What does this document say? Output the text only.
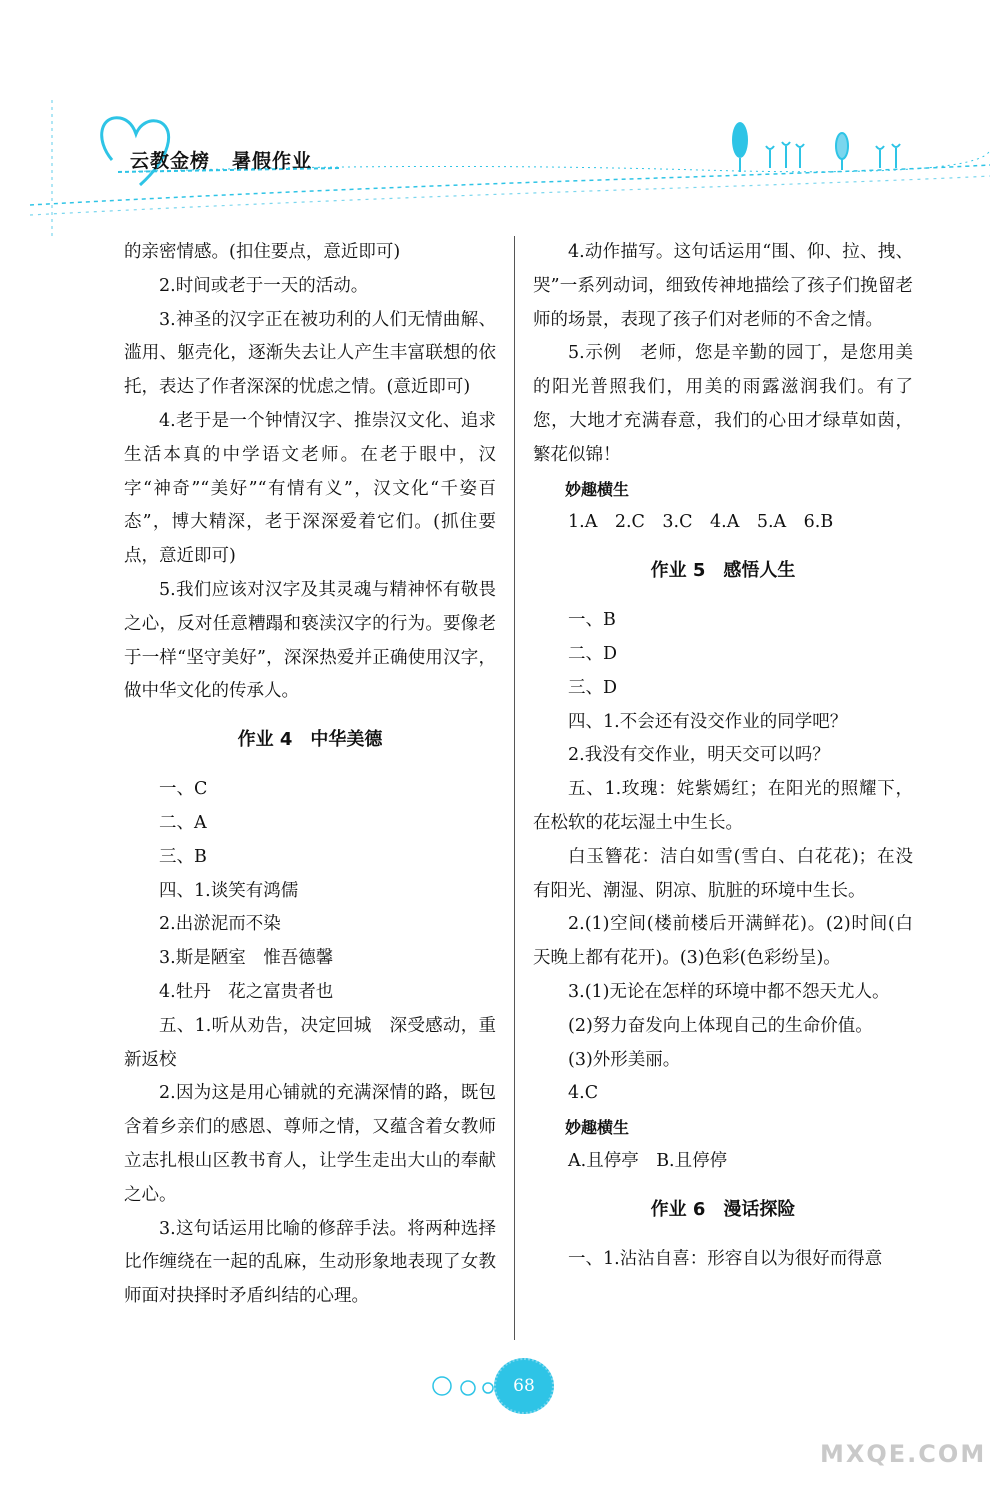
云教金榜 暑假作业

的亲密情感。(扣住要点，意近即可)

2.时间或老于一天的活动。

3.神圣的汉字正在被功利的人们无情曲解、滥用、躯壳化，逐渐失去让人产生丰富联想的依托，表达了作者深深的忧虑之情。(意近即可)

4.老于是一个钟情汉字、推崇汉文化、追求生活本真的中学语文老师。在老于眼中，汉字“神奇”“美好”“有情有义”，汉文化“千姿百态”，博大精深，老于深深爱着它们。(抓住要点，意近即可)

5.我们应该对汉字及其灵魂与精神怀有敬畏之心，反对任意糟蹋和亵渎汉字的行为。要像老于一样“坚守美好”，深深热爱并正确使用汉字，做中华文化的传承人。

作业 4 中华美德

一、C

二、A

三、B

四、1.谈笑有鸿儒

2.出淤泥而不染

3.斯是陋室　惟吾德馨

4.牡丹　花之富贵者也

五、1.听从劝告，决定回城　深受感动，重新返校

2.因为这是用心铺就的充满深情的路，既包含着乡亲们的感恩、尊师之情，又蕴含着女教师立志扎根山区教书育人，让学生走出大山的奉献之心。

3.这句话运用比喻的修辞手法。将两种选择比作缠绕在一起的乱麻，生动形象地表现了女教师面对抉择时矛盾纠结的心理。

4.动作描写。这句话运用“围、仰、拉、拽、哭”一系列动词，细致传神地描绘了孩子们挽留老师的场景，表现了孩子们对老师的不舍之情。

5.示例　老师，您是辛勤的园丁，是您用美的阳光普照我们，用美的雨露滋润我们。有了您，大地才充满春意，我们的心田才绿草如茵，繁花似锦！

妙趣横生

1.A　2.C　3.C　4.A　5.A　6.B

作业 5 感悟人生

一、B

二、D

三、D

四、1.不会还有没交作业的同学吧？

2.我没有交作业，明天交可以吗？

五、1.玫瑰：姹紫嫣红；在阳光的照耀下，在松软的花坛湿土中生长。

白玉簪花：洁白如雪(雪白、白花花)；在没有阳光、潮湿、阴凉、肮脏的环境中生长。

2.(1)空间(楼前楼后开满鲜花)。(2)时间(白天晚上都有花开)。(3)色彩(色彩纷呈)。

3.(1)无论在怎样的环境中都不怨天尤人。

(2)努力奋发向上体现自己的生命价值。

(3)外形美丽。

4.C

妙趣横生

A.且停亭　B.且停停

作业 6 漫话探险

一、1.沾沾自喜：形容自以为很好而得意

68
MXQE.COM
